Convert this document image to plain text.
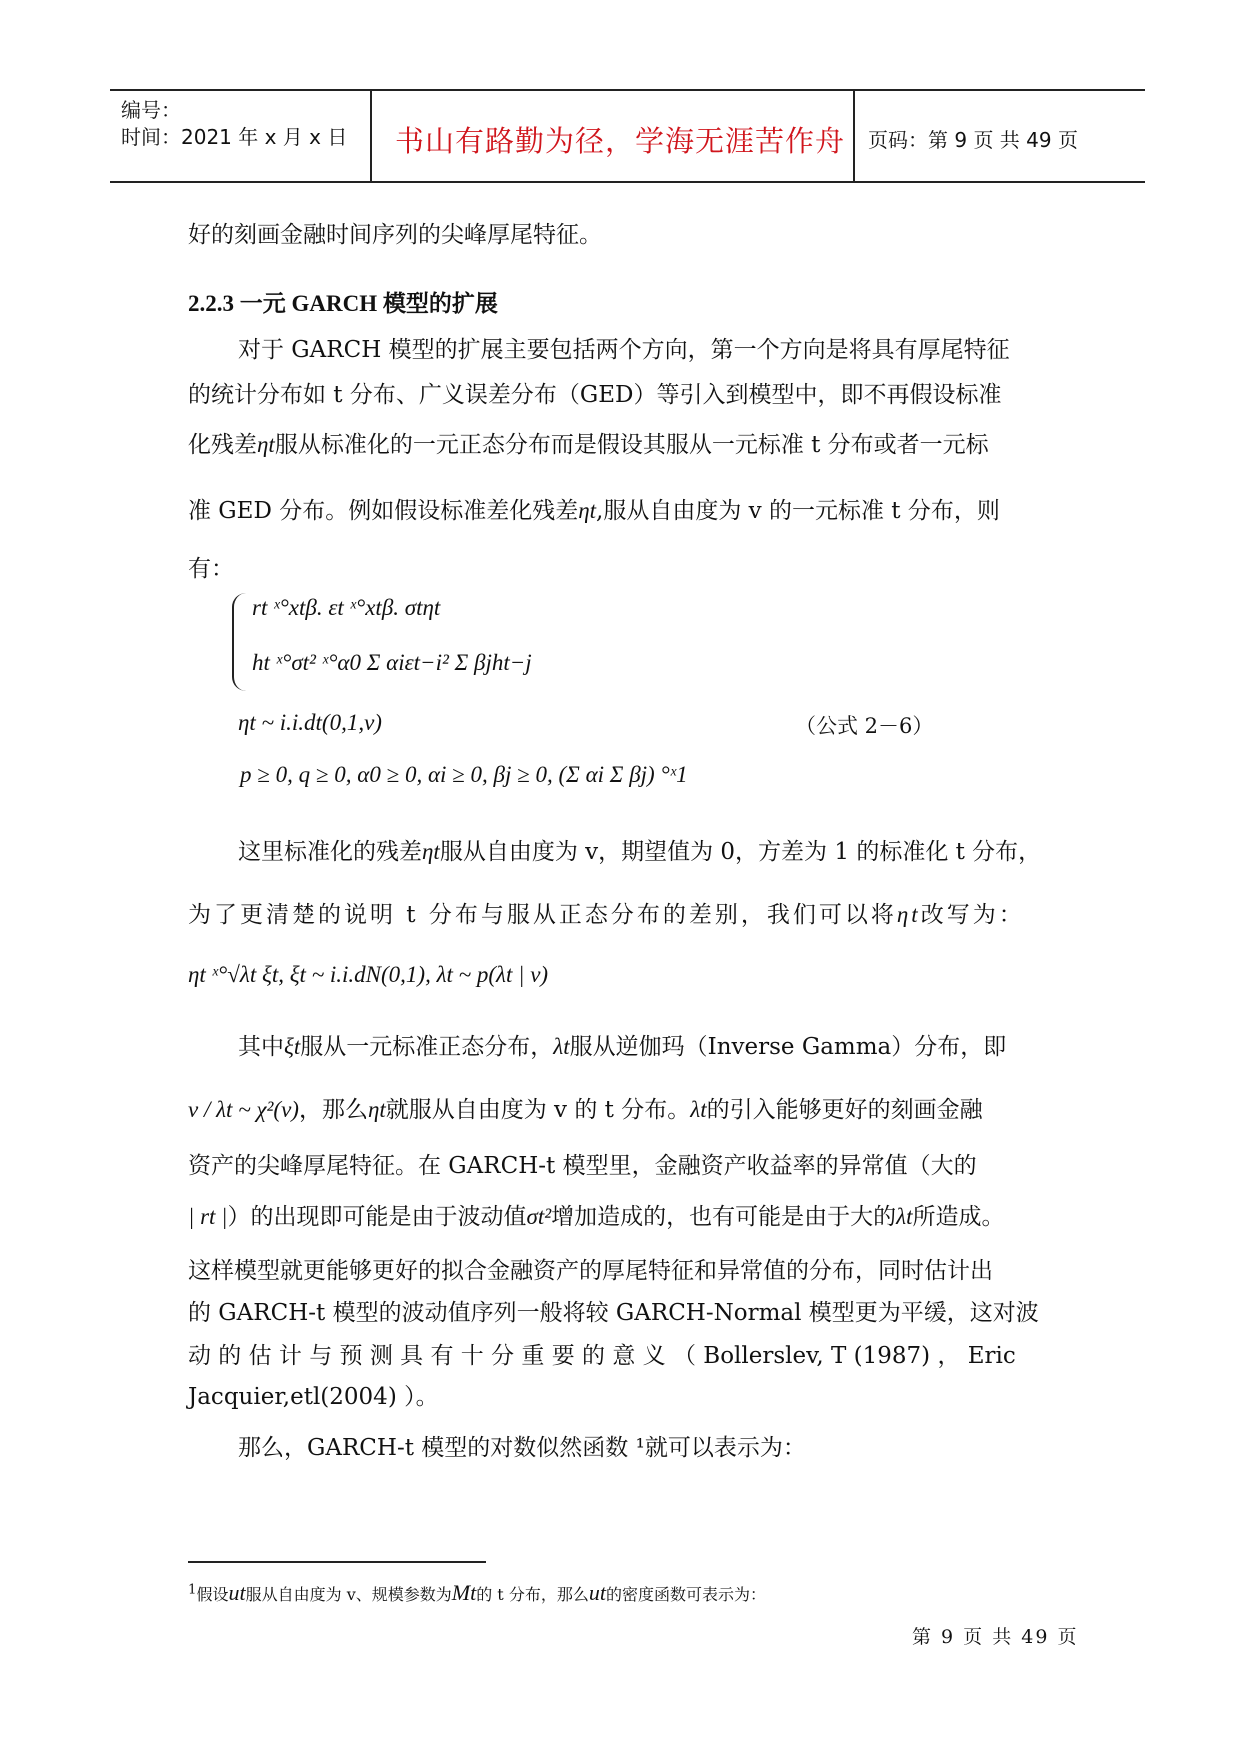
编号：
时间：2021 年 x 月 x 日 书山有路勤为径，学海无涯苦作舟 页码：第 9 页 共 49 页
好的刻画金融时间序列的尖峰厚尾特征。
2.2.3 一元 GARCH 模型的扩展
对于 GARCH 模型的扩展主要包括两个方向，第一个方向是将具有厚尾特征
的统计分布如 t 分布、广义误差分布（GED）等引入到模型中，即不再假设标准
化残差ηt服从标准化的一元正态分布而是假设其服从一元标准 t 分布或者一元标
准 GED 分布。例如假设标准差化残差ηt,服从自由度为 v 的一元标准 t 分布，则
有：
rt ˣ°xtβ. εt ˣ°xtβ. σtηt
ht ˣ°σt² ˣ°α0 Σ αiεt−i² Σ βjht−j
ηt ~ i.i.dt(0,1,v)	（公式 2－6）
p ≥ 0, q ≥ 0, α0 ≥ 0, αi ≥ 0, βj ≥ 0, (Σ αi Σ βj) °ˣ1
这里标准化的残差ηt服从自由度为 v，期望值为 0，方差为 1 的标准化 t 分布，
为了更清楚的说明 t 分布与服从正态分布的差别，我们可以将ηt改写为：
ηt ˣ°√λt ξt, ξt ~ i.i.dN(0,1), λt ~ p(λt | v)
其中ξt服从一元标准正态分布，λt服从逆伽玛（Inverse Gamma）分布，即
v / λt ~ χ²(v)，那么ηt就服从自由度为 v 的 t 分布。λt的引入能够更好的刻画金融
资产的尖峰厚尾特征。在 GARCH-t 模型里，金融资产收益率的异常值（大的
| rt |）的出现即可能是由于波动值σt²增加造成的，也有可能是由于大的λt所造成。
这样模型就更能够更好的拟合金融资产的厚尾特征和异常值的分布，同时估计出
的 GARCH-t 模型的波动值序列一般将较 GARCH-Normal 模型更为平缓，这对波
动 的 估 计 与 预 测 具 有 十 分 重 要 的 意 义 （ Bollerslev, T (1987) ， Eric
Jacquier,etl(2004) ）。
那么，GARCH-t 模型的对数似然函数 ¹就可以表示为：
$^1$假设ut服从自由度为 v、规模参数为Mt的 t 分布，那么ut的密度函数可表示为：
第 9 页 共 49 页
